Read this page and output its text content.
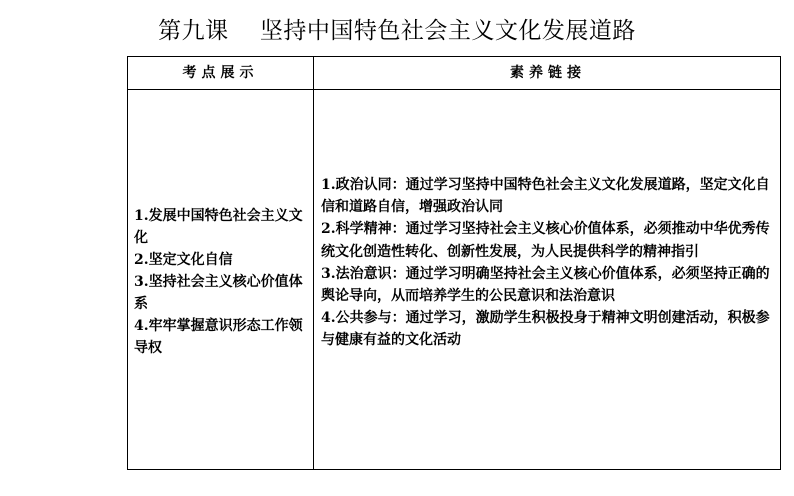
第九课　 坚持中国特色社会主义文化发展道路
考点展示	素养链接
1.发展中国特色社会主义文化
2.坚定文化自信
3.坚持社会主义核心价值体系
4.牢牢掌握意识形态工作领导权
1.政治认同：通过学习坚持中国特色社会主义文化发展道路，坚定文化自信和道路自信，增强政治认同
2.科学精神：通过学习坚持社会主义核心价值体系，必须推动中华优秀传统文化创造性转化、创新性发展，为人民提供科学的精神指引
3.法治意识：通过学习明确坚持社会主义核心价值体系，必须坚持正确的舆论导向，从而培养学生的公民意识和法治意识
4.公共参与：通过学习，激励学生积极投身于精神文明创建活动，积极参与健康有益的文化活动
